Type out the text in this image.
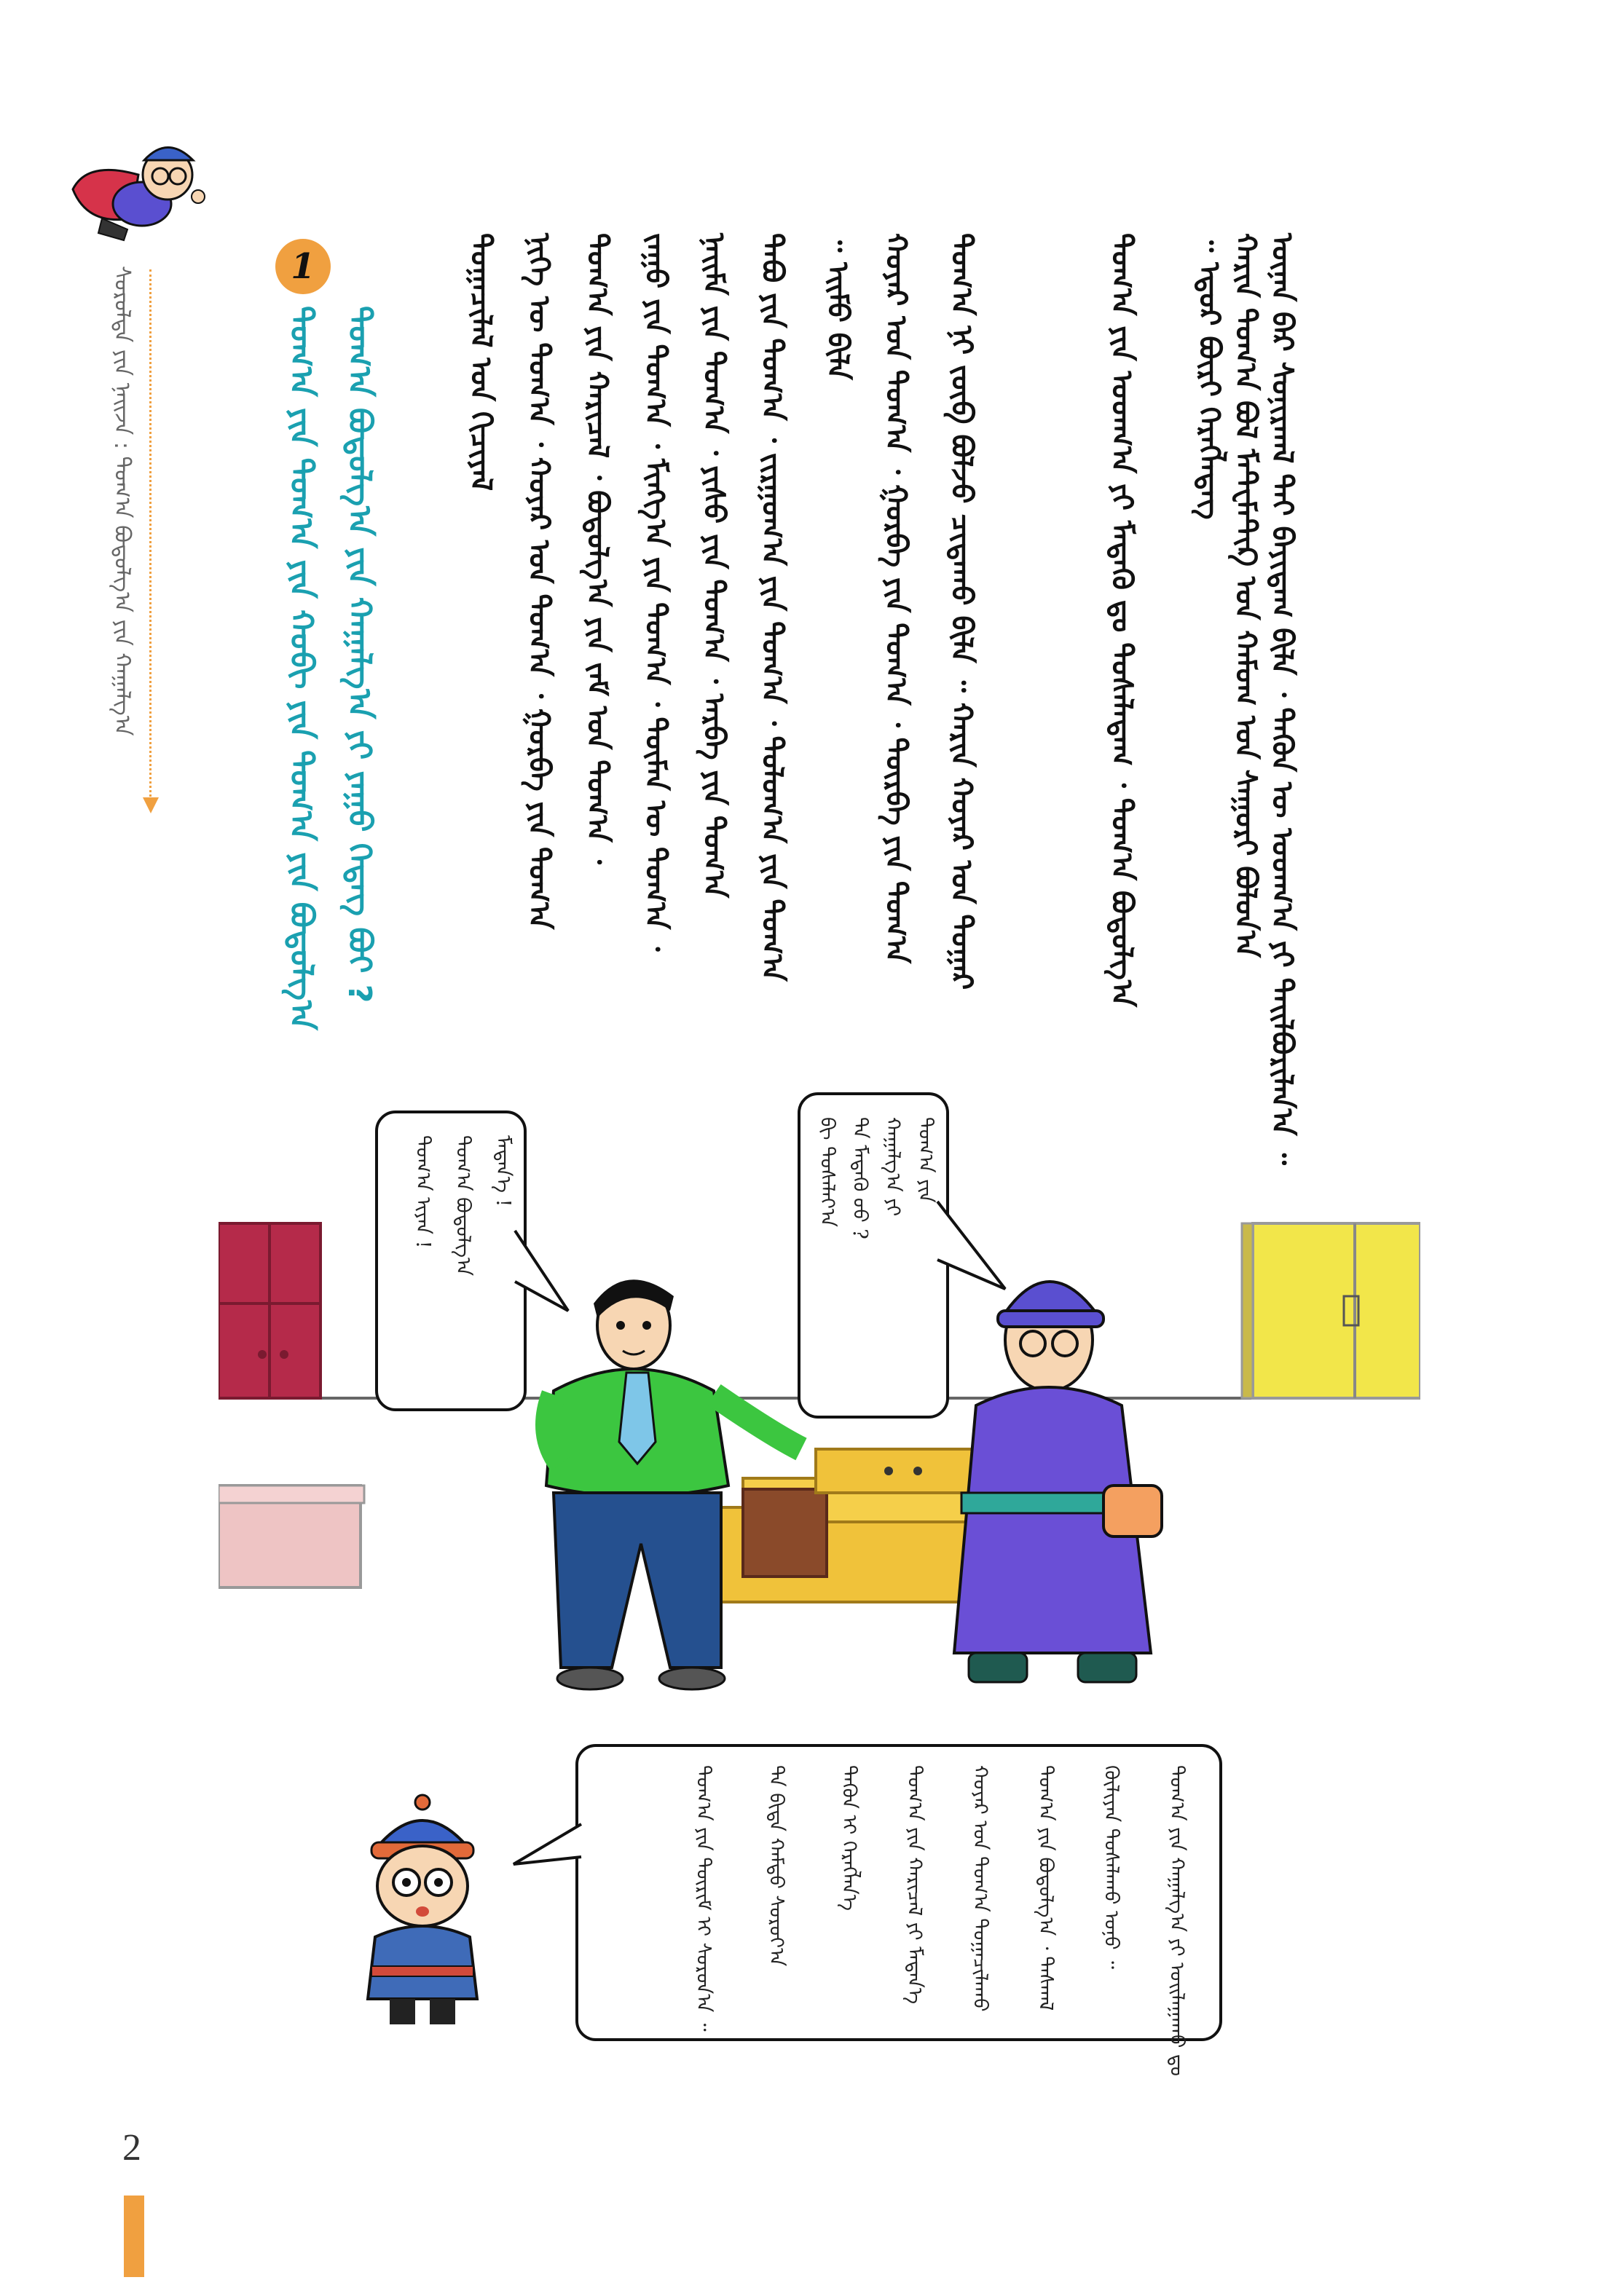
ᠰᠤᠷᠤᠯᠲᠠ ᠶᠢᠨ ᠨᠠᠢᠵᠠ : ᠲᠤᠭ᠎ᠠ ᠪᠤᠳᠤᠯᠭ᠎ᠠ ᠶᠢᠨ ᠬᠠᠭᠠᠯᠭ᠎ᠠ	1
ᠲᠤᠭ᠎ᠠ ᠪᠤᠳᠤᠯᠭ᠎ᠠ ᠶᠢᠨ ᠬᠠᠭᠠᠯᠭ᠎ᠠ ᠶᠢ ᠶᠠᠭᠤ ᠭᠡᠳᠡᠭ ᠪᠤᠢ ?
ᠲᠤᠭ᠎ᠠ ᠶᠢᠨ ᠲᠤᠭ᠎ᠠ ᠶᠢᠨ ᠬᠤᠪᠢ ᠶᠢᠨ ᠲᠤᠭ᠎ᠠ ᠶᠢᠨ ᠪᠤᠳᠤᠯᠭ᠎ᠠ	ᠦᠨᠡᠨ ᠪᠡᠷ ᠰᠤᠨᠢᠷᠬᠠᠯ ᠲᠠᠢ ᠪᠠᠶᠢᠳᠠᠭ ᠪᠢᠯᠡ ᠂ ᠲᠡᠭᠦᠨ ᠦ ᠤᠳᠬ᠎ᠠ ᠶᠢ ᠲᠠᠢᠯᠪᠤᠷᠢᠯᠠᠨ᠎ᠠ ᠃
ᠬᠠᠷᠢᠨ ᠲᠤᠭ᠎ᠠ ᠪᠤᠯ ᠮᠠᠲ᠋ᠧᠮᠠᠲ᠋ᠢᠺ ᠤᠨ ᠬᠠᠮᠤᠭ ᠤᠨ ᠰᠠᠭᠤᠷᠢ ᠪᠤᠯᠤᠨ᠎ᠠ
᠃ ᠡᠳᠦᠷ ᠪᠦᠷᠢ ᠬᠡᠷᠡᠭᠯᠡᠳᠡᠭ
ᠲᠤᠭ᠎ᠠ ᠶᠢᠨ ᠤᠳᠬ᠎ᠠ ᠶᠢ ᠮᠡᠳᠡᠬᠦ ᠳᠤ ᠲᠤᠰᠠᠯᠠᠳᠠᠭ ᠂ ᠲᠤᠭ᠎ᠠ ᠪᠤᠳᠤᠯᠭ᠎ᠠ
ᠲᠤᠭ᠎ᠠ ᠨᠢ ᠵᠦᠪ ᠪᠤᠯᠵᠤ ᠴᠢᠳᠠᠬᠤ ᠪᠢᠯᠡ ᠃ ᠬᠠᠷᠢᠨ ᠬᠤᠶᠠᠷ ᠤᠨ ᠳᠤᠭᠠᠷ
ᠬᠤᠶᠠᠷ ᠤᠨ ᠲᠤᠭ᠎ᠠ ᠂ ᠭᠤᠷᠪᠠ ᠶᠢᠨ ᠲᠤᠭ᠎ᠠ ᠂ ᠳᠦᠷᠪᠡ ᠶᠢᠨ ᠲᠤᠭ᠎ᠠ
᠃ ᠡᠢᠮᠤ ᠪᠢᠯᠡ
ᠲᠠᠪᠤ ᠶᠢᠨ ᠲᠤᠭ᠎ᠠ ᠂ ᠵᠢᠷᠭᠤᠭ᠎ᠠ ᠶᠢᠨ ᠲᠤᠭ᠎ᠠ ᠂ ᠳᠤᠯᠤᠭ᠎ᠠ ᠶᠢᠨ ᠲᠤᠭ᠎ᠠ
ᠨᠠᠢᠮᠠ ᠶᠢᠨ ᠲᠤᠭ᠎ᠠ ᠂ ᠶᠢᠰᠦ ᠶᠢᠨ ᠲᠤᠭ᠎ᠠ ᠂ ᠠᠷᠪᠠ ᠶᠢᠨ ᠲᠤᠭ᠎ᠠ
ᠵᠠᠭᠤ ᠶᠢᠨ ᠲᠤᠭ᠎ᠠ ᠂ ᠮᠢᠩᠭ᠎ᠠ ᠶᠢᠨ ᠲᠤᠭ᠎ᠠ ᠂ ᠲᠦᠮᠡᠨ ᠦ ᠲᠤᠭ᠎ᠠ ᠂
ᠲᠤᠭ᠎ᠠ ᠶᠢᠨ ᠬᠠᠷᠢᠴᠠᠯ ᠂ ᠪᠤᠳᠤᠯᠭ᠎ᠠ ᠶᠢᠨ ᠵᠠᠮ ᠤᠨ ᠲᠤᠭ᠎ᠠ ᠂
ᠨᠢᠭᠡ ᠦ ᠲᠤᠭ᠎ᠠ ᠂ ᠬᠤᠶᠠᠷ ᠤᠨ ᠲᠤᠭ᠎ᠠ ᠂ ᠭᠤᠷᠪᠠ ᠶᠢᠨ ᠲᠤᠭ᠎ᠠ
ᠲᠤᠭᠠᠴᠢᠯᠠᠯ ᠤᠨ ᠬᠢᠴᠢᠶᠡᠯ
ᠮᠡᠳᠡᠨ᠎ᠡ !
ᠲᠤᠭ᠎ᠠ ᠪᠤᠳᠤᠯᠭ᠎ᠠ
ᠲᠤᠭ᠎ᠠ ᠢᠶᠠᠨ !	ᠲᠤᠭ᠎ᠠ ᠶᠢᠨ
ᠬᠠᠭᠠᠯᠭ᠎ᠠ ᠶᠢ
ᠲᠠ ᠮᠡᠳᠡᠬᠦ ᠤᠤ ?
ᠪᠢ ᠲᠤᠰᠠᠯᠠᠶ᠎ᠠ
ᠲᠤᠭ᠎ᠠ ᠶᠢᠨ ᠬᠠᠭᠠᠯᠭ᠎ᠠ ᠶᠢ ᠣᠢᠯᠠᠭᠠᠬᠤ ᠳᠤ
ᠬᠦᠯᠢᠶᠡᠨ ᠲᠤᠰᠠᠯᠠᠬᠤ ᠤᠨᠤ ᠃
ᠲᠤᠭ᠎ᠠ ᠶᠢᠨ ᠪᠤᠳᠤᠯᠭ᠎ᠠ ᠂ ᠳᠠᠰᠬᠠᠯ
ᠬᠤᠶᠠᠷ ᠤᠨ ᠲᠤᠭ᠎ᠠ ᠲᠤᠭᠠᠴᠢᠯᠠᠬᠤ
ᠲᠤᠭ᠎ᠠ ᠶᠢᠨ ᠬᠠᠷᠢᠴᠠᠯ ᠶᠢ ᠮᠡᠳᠡᠨ᠎ᠡ
ᠲᠡᠭᠦᠨ ᠢ ᠬᠡᠷᠡᠭᠯᠡᠨ᠎ᠡ
ᠲᠠ ᠪᠢᠳᠡ ᠬᠠᠮᠲᠤ ᠰᠤᠷᠤᠶ᠎ᠠ
ᠲᠤᠭ᠎ᠠ ᠶᠢᠨ ᠳᠦᠷᠢᠮ ᠢ ᠰᠤᠷᠤᠨ᠎ᠠ ᠃
2
